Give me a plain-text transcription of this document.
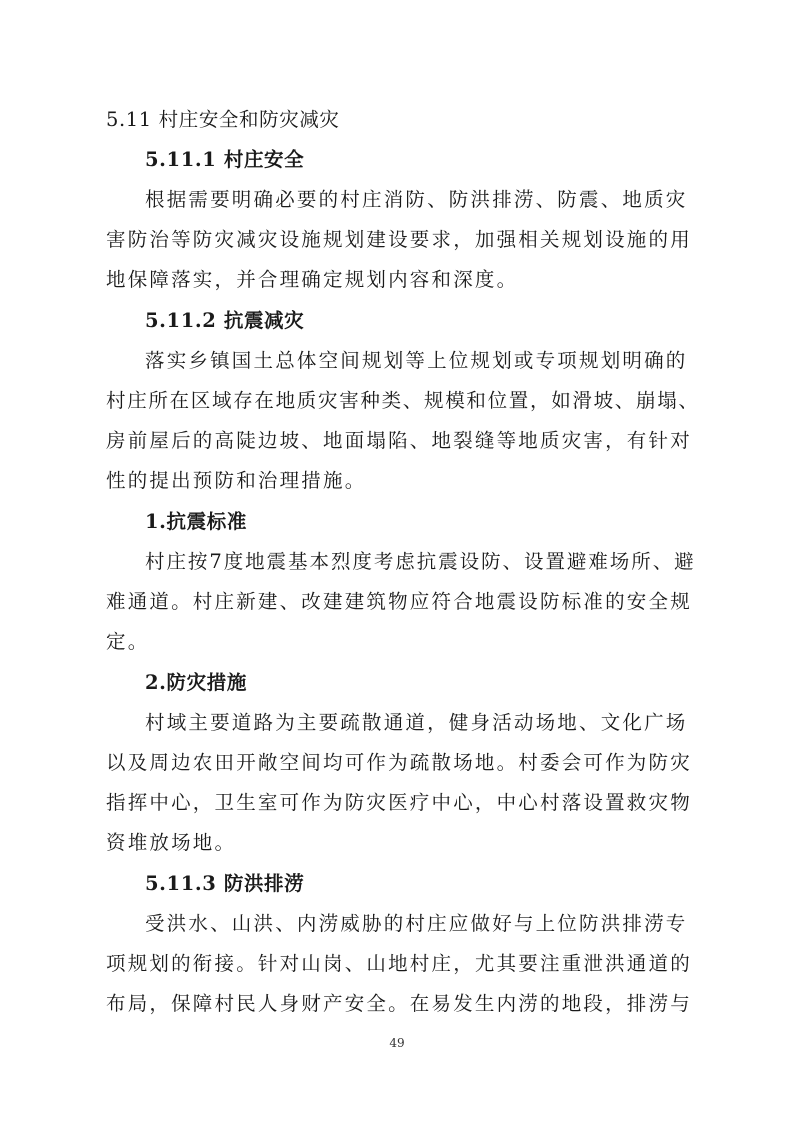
5.11 村庄安全和防灾减灾
5.11.1 村庄安全
根据需要明确必要的村庄消防、防洪排涝、防震、地质灾
害防治等防灾减灾设施规划建设要求，加强相关规划设施的用
地保障落实，并合理确定规划内容和深度。
5.11.2 抗震减灾
落实乡镇国土总体空间规划等上位规划或专项规划明确的
村庄所在区域存在地质灾害种类、规模和位置，如滑坡、崩塌、
房前屋后的高陡边坡、地面塌陷、地裂缝等地质灾害，有针对
性的提出预防和治理措施。
1.抗震标准
村庄按7度地震基本烈度考虑抗震设防、设置避难场所、避
难通道。村庄新建、改建建筑物应符合地震设防标准的安全规
定。
2.防灾措施
村域主要道路为主要疏散通道，健身活动场地、文化广场
以及周边农田开敞空间均可作为疏散场地。村委会可作为防灾
指挥中心，卫生室可作为防灾医疗中心，中心村落设置救灾物
资堆放场地。
5.11.3 防洪排涝
受洪水、山洪、内涝威胁的村庄应做好与上位防洪排涝专
项规划的衔接。针对山岗、山地村庄，尤其要注重泄洪通道的
布局，保障村民人身财产安全。在易发生内涝的地段，排涝与
49
